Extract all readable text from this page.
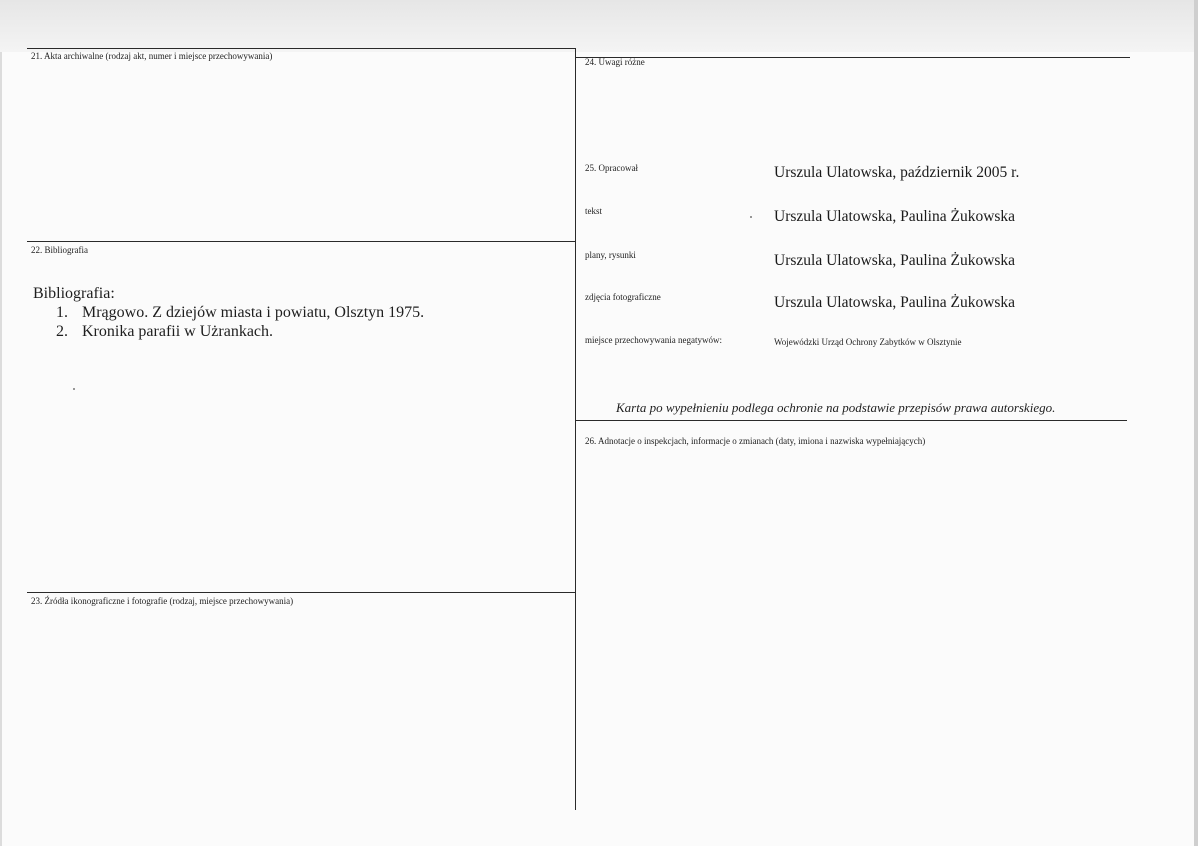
21. Akta archiwalne (rodzaj akt, numer i miejsce przechowywania)
22. Bibliografia
Bibliografia:
1. Mrągowo. Z dziejów miasta i powiatu, Olsztyn 1975.
2. Kronika parafii w Użrankach.
23. Źródła ikonograficzne i fotografie (rodzaj, miejsce przechowywania)
24. Uwagi różne
25. Opracował	Urszula Ulatowska, październik 2005 r.
tekst	Urszula Ulatowska, Paulina Żukowska
plany, rysunki	Urszula Ulatowska, Paulina Żukowska
zdjęcia fotograficzne	Urszula Ulatowska, Paulina Żukowska
miejsce przechowywania negatywów:	Wojewódzki Urząd Ochrony Zabytków w Olsztynie
Karta po wypełnieniu podlega ochronie na podstawie przepisów prawa autorskiego.
26. Adnotacje o inspekcjach, informacje o zmianach (daty, imiona i nazwiska wypełniających)
